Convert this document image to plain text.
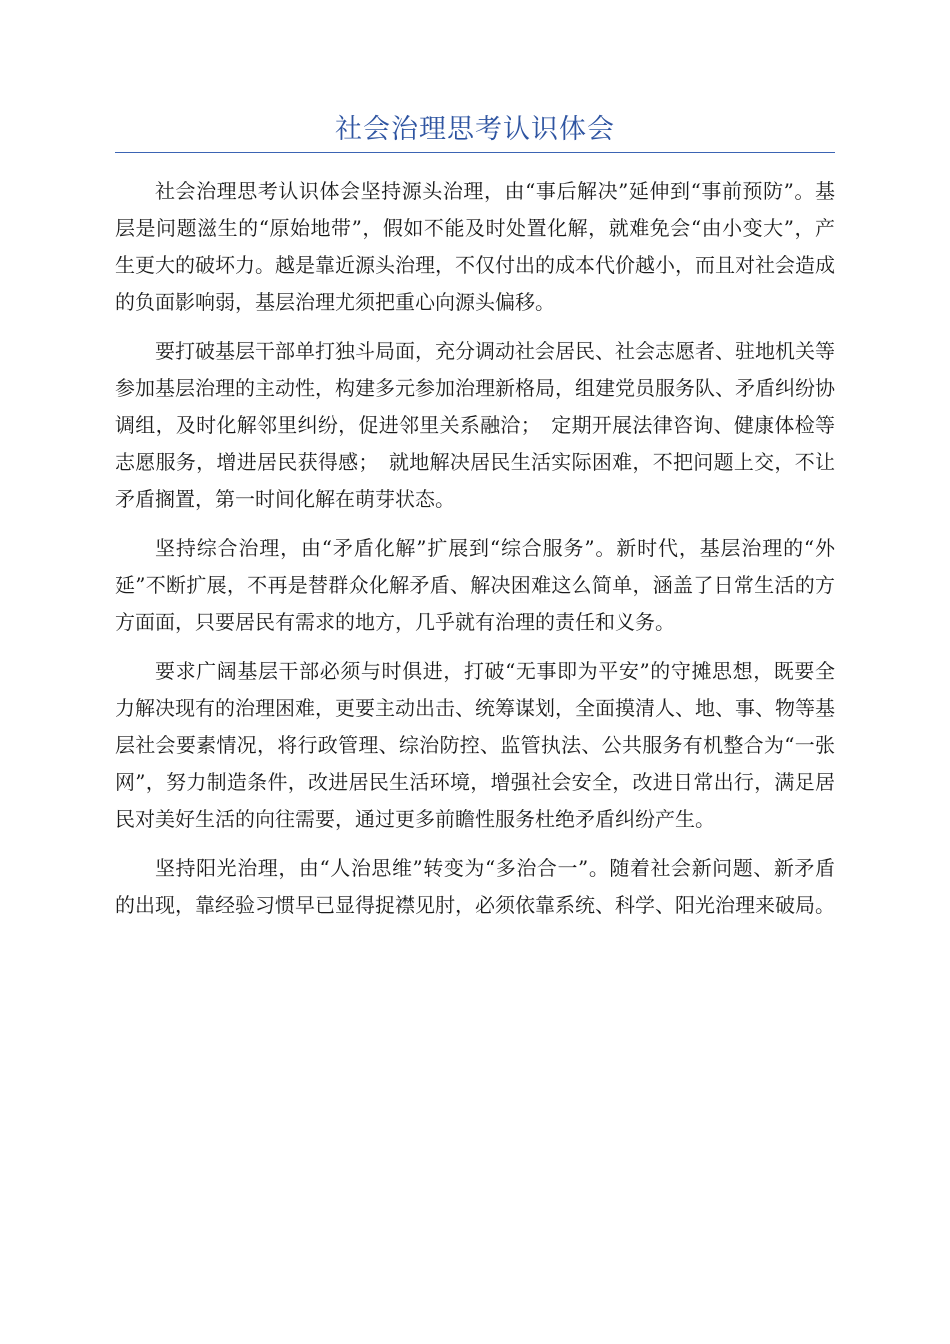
社会治理思考认识体会

社会治理思考认识体会坚持源头治理，由“事后解决”延伸到“事前预防”。基层是问题滋生的“原始地带”，假如不能及时处置化解，就难免会“由小变大”，产生更大的破坏力。越是靠近源头治理，不仅付出的成本代价越小，而且对社会造成的负面影响弱，基层治理尤须把重心向源头偏移。

要打破基层干部单打独斗局面，充分调动社会居民、社会志愿者、驻地机关等参加基层治理的主动性，构建多元参加治理新格局，组建党员服务队、矛盾纠纷协调组，及时化解邻里纠纷，促进邻里关系融洽；　定期开展法律咨询、健康体检等志愿服务，增进居民获得感；　就地解决居民生活实际困难，不把问题上交，不让矛盾搁置，第一时间化解在萌芽状态。

坚持综合治理，由“矛盾化解”扩展到“综合服务”。新时代，基层治理的“外延”不断扩展，不再是替群众化解矛盾、解决困难这么简单，涵盖了日常生活的方方面面，只要居民有需求的地方，几乎就有治理的责任和义务。

要求广阔基层干部必须与时俱进，打破“无事即为平安”的守摊思想，既要全力解决现有的治理困难，更要主动出击、统筹谋划，全面摸清人、地、事、物等基层社会要素情况，将行政管理、综治防控、监管执法、公共服务有机整合为“一张网”，努力制造条件，改进居民生活环境，增强社会安全，改进日常出行，满足居民对美好生活的向往需要，通过更多前瞻性服务杜绝矛盾纠纷产生。

坚持阳光治理，由“人治思维”转变为“多治合一”。随着社会新问题、新矛盾的出现，靠经验习惯早已显得捉襟见肘，必须依靠系统、科学、阳光治理来破局。
